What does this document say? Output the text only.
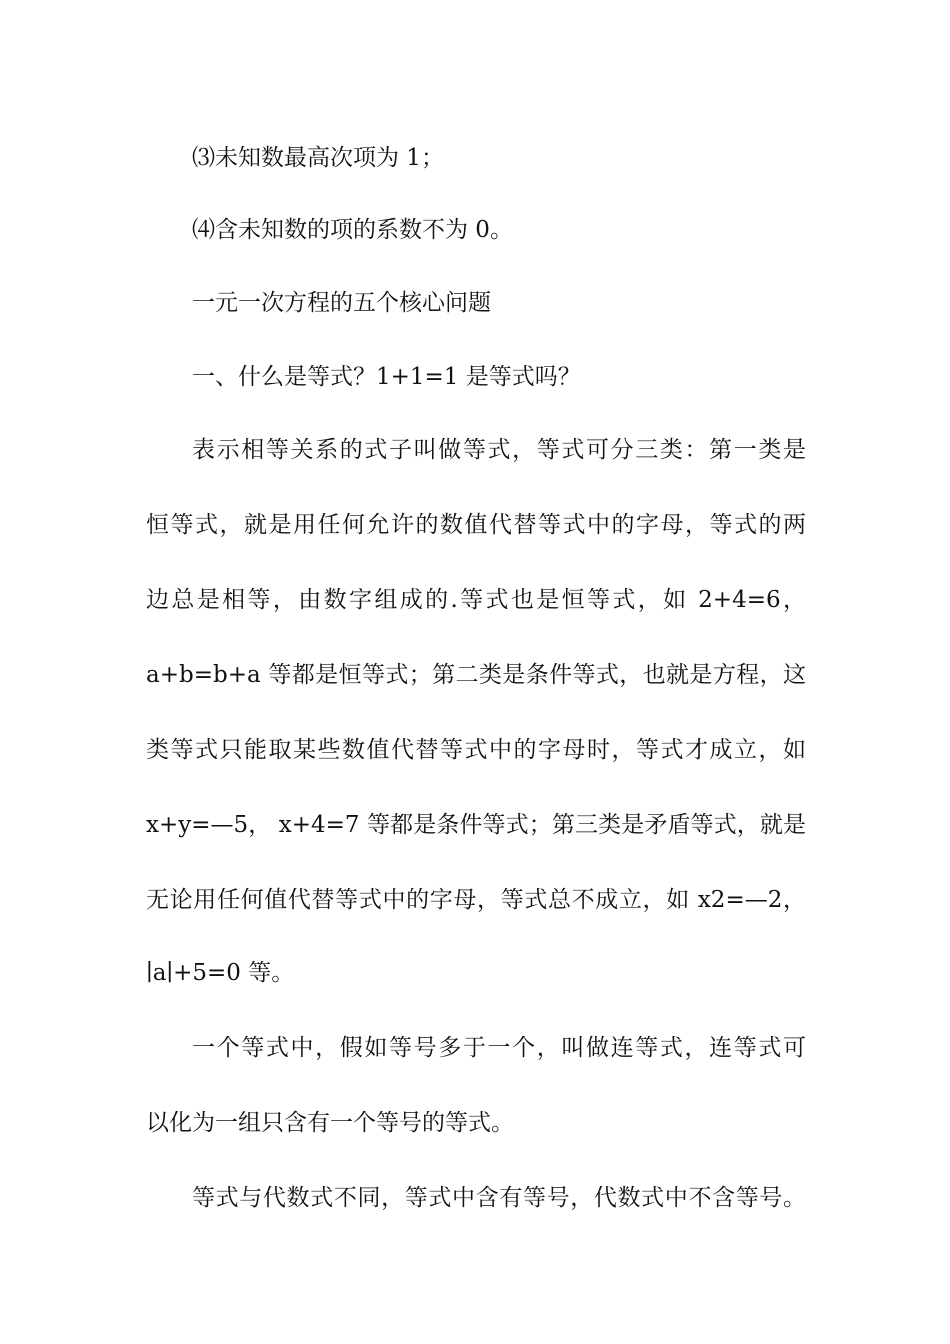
⑶未知数最高次项为 1；
⑷含未知数的项的系数不为 0。
一元一次方程的五个核心问题
一、什么是等式？1+1=1 是等式吗？
表示相等关系的式子叫做等式，等式可分三类：第一类是
恒等式，就是用任何允许的数值代替等式中的字母，等式的两
边总是相等，由数字组成的.等式也是恒等式，如 2+4=6，
a+b=b+a 等都是恒等式；第二类是条件等式，也就是方程，这
类等式只能取某些数值代替等式中的字母时，等式才成立，如
x+y=—5， x+4=7 等都是条件等式；第三类是矛盾等式，就是
无论用任何值代替等式中的字母，等式总不成立，如 x2=—2，
∣a∣+5=0 等。
一个等式中，假如等号多于一个，叫做连等式，连等式可
以化为一组只含有一个等号的等式。
等式与代数式不同，等式中含有等号，代数式中不含等号。
